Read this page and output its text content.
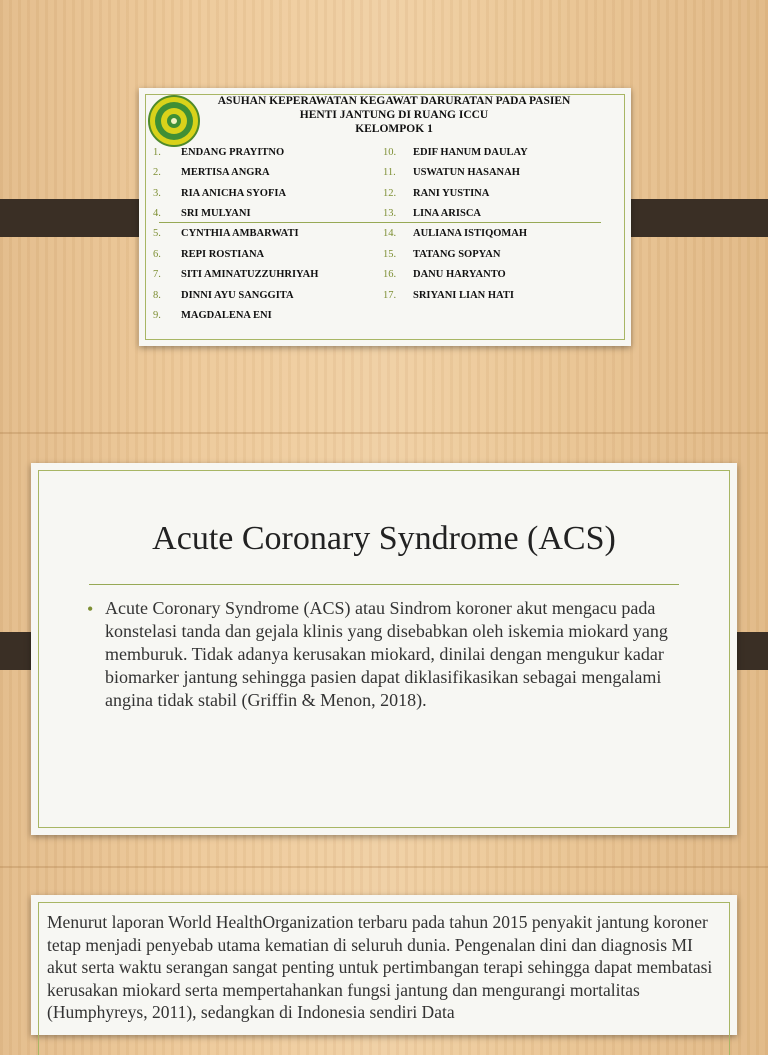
ASUHAN KEPERAWATAN KEGAWAT DARURATAN PADA PASIEN
HENTI JANTUNG DI RUANG ICCU
KELOMPOK 1
1. ENDANG PRAYITNO
2. MERTISA ANGRA
3. RIA ANICHA SYOFIA
4. SRI MULYANI
5. CYNTHIA AMBARWATI
6. REPI ROSTIANA
7. SITI AMINATUZZUHRIYAH
8. DINNI AYU SANGGITA
9. MAGDALENA ENI
10. EDIF HANUM DAULAY
11. USWATUN HASANAH
12. RANI YUSTINA
13. LINA ARISCA
14. AULIANA ISTIQOMAH
15. TATANG SOPYAN
16. DANU HARYANTO
17. SRIYANI LIAN HATI
Acute Coronary Syndrome (ACS)
• Acute Coronary Syndrome (ACS) atau Sindrom koroner akut mengacu pada konstelasi tanda dan gejala klinis yang disebabkan oleh iskemia miokard yang memburuk. Tidak adanya kerusakan miokard, dinilai dengan mengukur kadar biomarker jantung sehingga pasien dapat diklasifikasikan sebagai mengalami angina tidak stabil (Griffin & Menon, 2018).
Menurut laporan World HealthOrganization terbaru pada tahun 2015 penyakit jantung koroner tetap menjadi penyebab utama kematian di seluruh dunia. Pengenalan dini dan diagnosis MI akut serta waktu serangan sangat penting untuk pertimbangan terapi sehingga dapat membatasi kerusakan miokard serta mempertahankan fungsi jantung dan mengurangi mortalitas (Humphyreys, 2011), sedangkan di Indonesia sendiri Data
